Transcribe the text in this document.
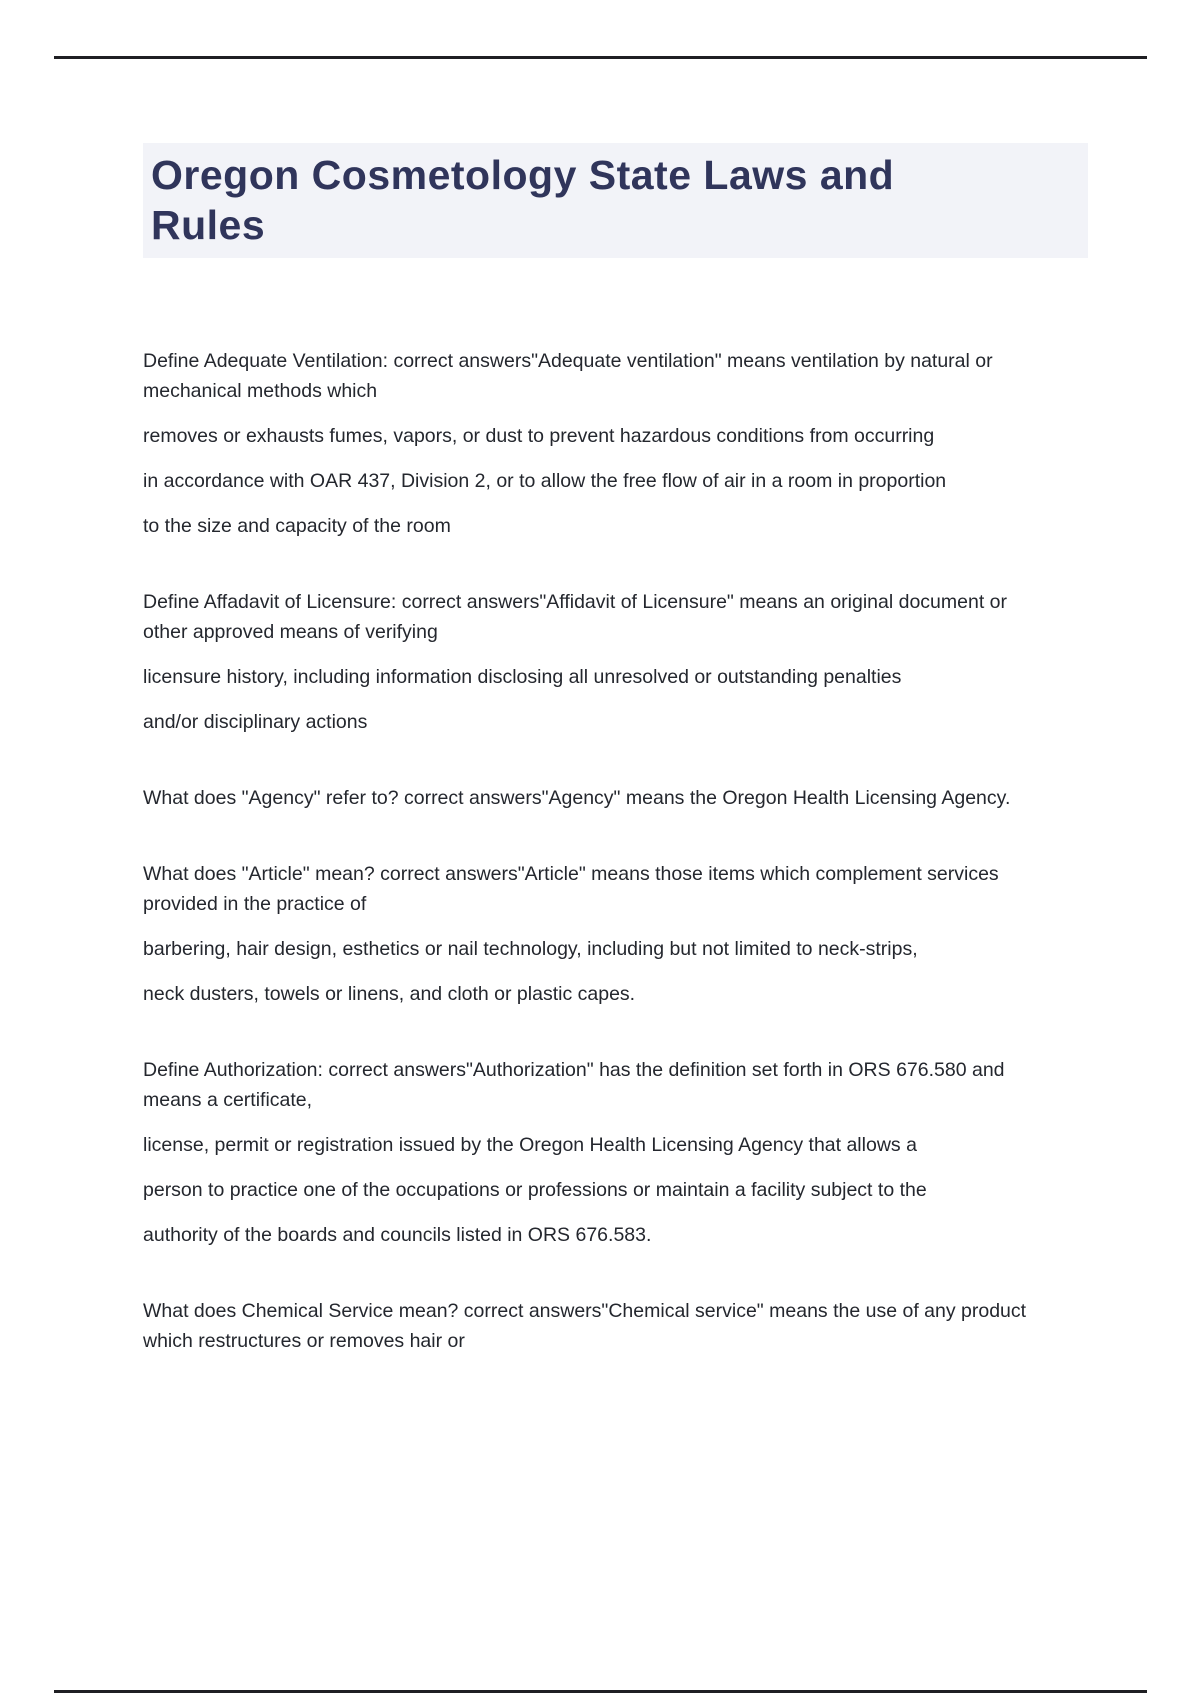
Oregon Cosmetology State Laws and
Rules
Define Adequate Ventilation: correct answers"Adequate ventilation" means ventilation by natural or
mechanical methods which
removes or exhausts fumes, vapors, or dust to prevent hazardous conditions from occurring
in accordance with OAR 437, Division 2, or to allow the free flow of air in a room in proportion
to the size and capacity of the room
Define Affadavit of Licensure: correct answers"Affidavit of Licensure" means an original document or
other approved means of verifying
licensure history, including information disclosing all unresolved or outstanding penalties
and/or disciplinary actions
What does "Agency" refer to? correct answers"Agency" means the Oregon Health Licensing Agency.
What does "Article" mean? correct answers"Article" means those items which complement services
provided in the practice of
barbering, hair design, esthetics or nail technology, including but not limited to neck-strips,
neck dusters, towels or linens, and cloth or plastic capes.
Define Authorization: correct answers"Authorization" has the definition set forth in ORS 676.580 and
means a certificate,
license, permit or registration issued by the Oregon Health Licensing Agency that allows a
person to practice one of the occupations or professions or maintain a facility subject to the
authority of the boards and councils listed in ORS 676.583.
What does Chemical Service mean? correct answers"Chemical service" means the use of any product
which restructures or removes hair or
